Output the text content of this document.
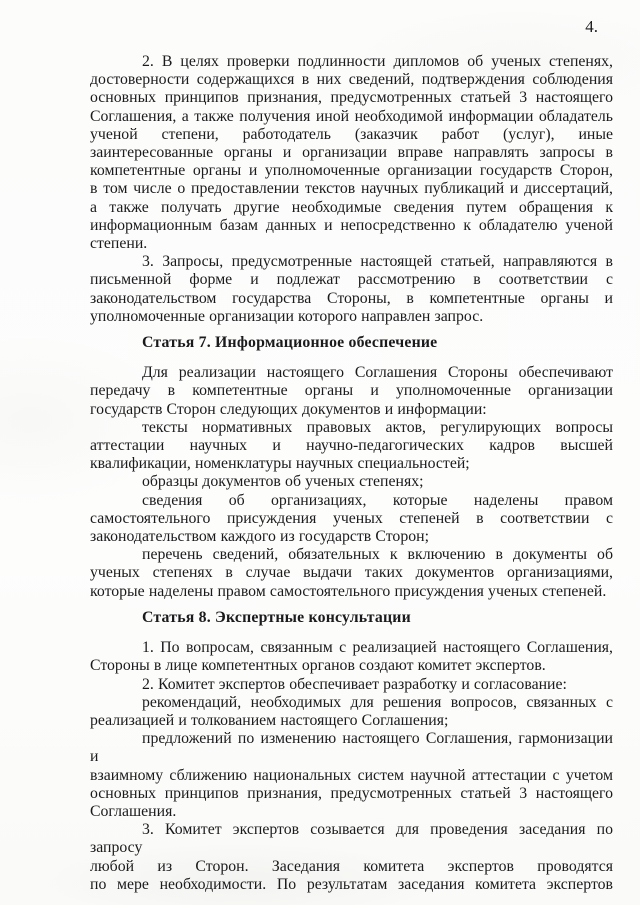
4.
2. В целях проверки подлинности дипломов об ученых степенях,
достоверности содержащихся в них сведений, подтверждения соблюдения
основных принципов признания, предусмотренных статьей 3 настоящего
Соглашения, а также получения иной необходимой информации обладатель
ученой степени, работодатель (заказчик работ (услуг), иные
заинтересованные органы и организации вправе направлять запросы в
компетентные органы и уполномоченные организации государств Сторон,
в том числе о предоставлении текстов научных публикаций и диссертаций,
а также получать другие необходимые сведения путем обращения к
информационным базам данных и непосредственно к обладателю ученой
степени.
3. Запросы, предусмотренные настоящей статьей, направляются в
письменной форме и подлежат рассмотрению в соответствии с
законодательством государства Стороны, в компетентные органы и
уполномоченные организации которого направлен запрос.
Статья 7. Информационное обеспечение
Для реализации настоящего Соглашения Стороны обеспечивают
передачу в компетентные органы и уполномоченные организации
государств Сторон следующих документов и информации:
тексты нормативных правовых актов, регулирующих вопросы
аттестации научных и научно-педагогических кадров высшей
квалификации, номенклатуры научных специальностей;
образцы документов об ученых степенях;
сведения об организациях, которые наделены правом
самостоятельного присуждения ученых степеней в соответствии с
законодательством каждого из государств Сторон;
перечень сведений, обязательных к включению в документы об
ученых степенях в случае выдачи таких документов организациями,
которые наделены правом самостоятельного присуждения ученых степеней.
Статья 8. Экспертные консультации
1. По вопросам, связанным с реализацией настоящего Соглашения,
Стороны в лице компетентных органов создают комитет экспертов.
2. Комитет экспертов обеспечивает разработку и согласование:
рекомендаций, необходимых для решения вопросов, связанных с
реализацией и толкованием настоящего Соглашения;
предложений по изменению настоящего Соглашения, гармонизации и
взаимному сближению национальных систем научной аттестации с учетом
основных принципов признания, предусмотренных статьей 3 настоящего
Соглашения.
3. Комитет экспертов созывается для проведения заседания по запросу
любой из Сторон. Заседания комитета экспертов проводятся
по мере необходимости. По результатам заседания комитета экспертов
